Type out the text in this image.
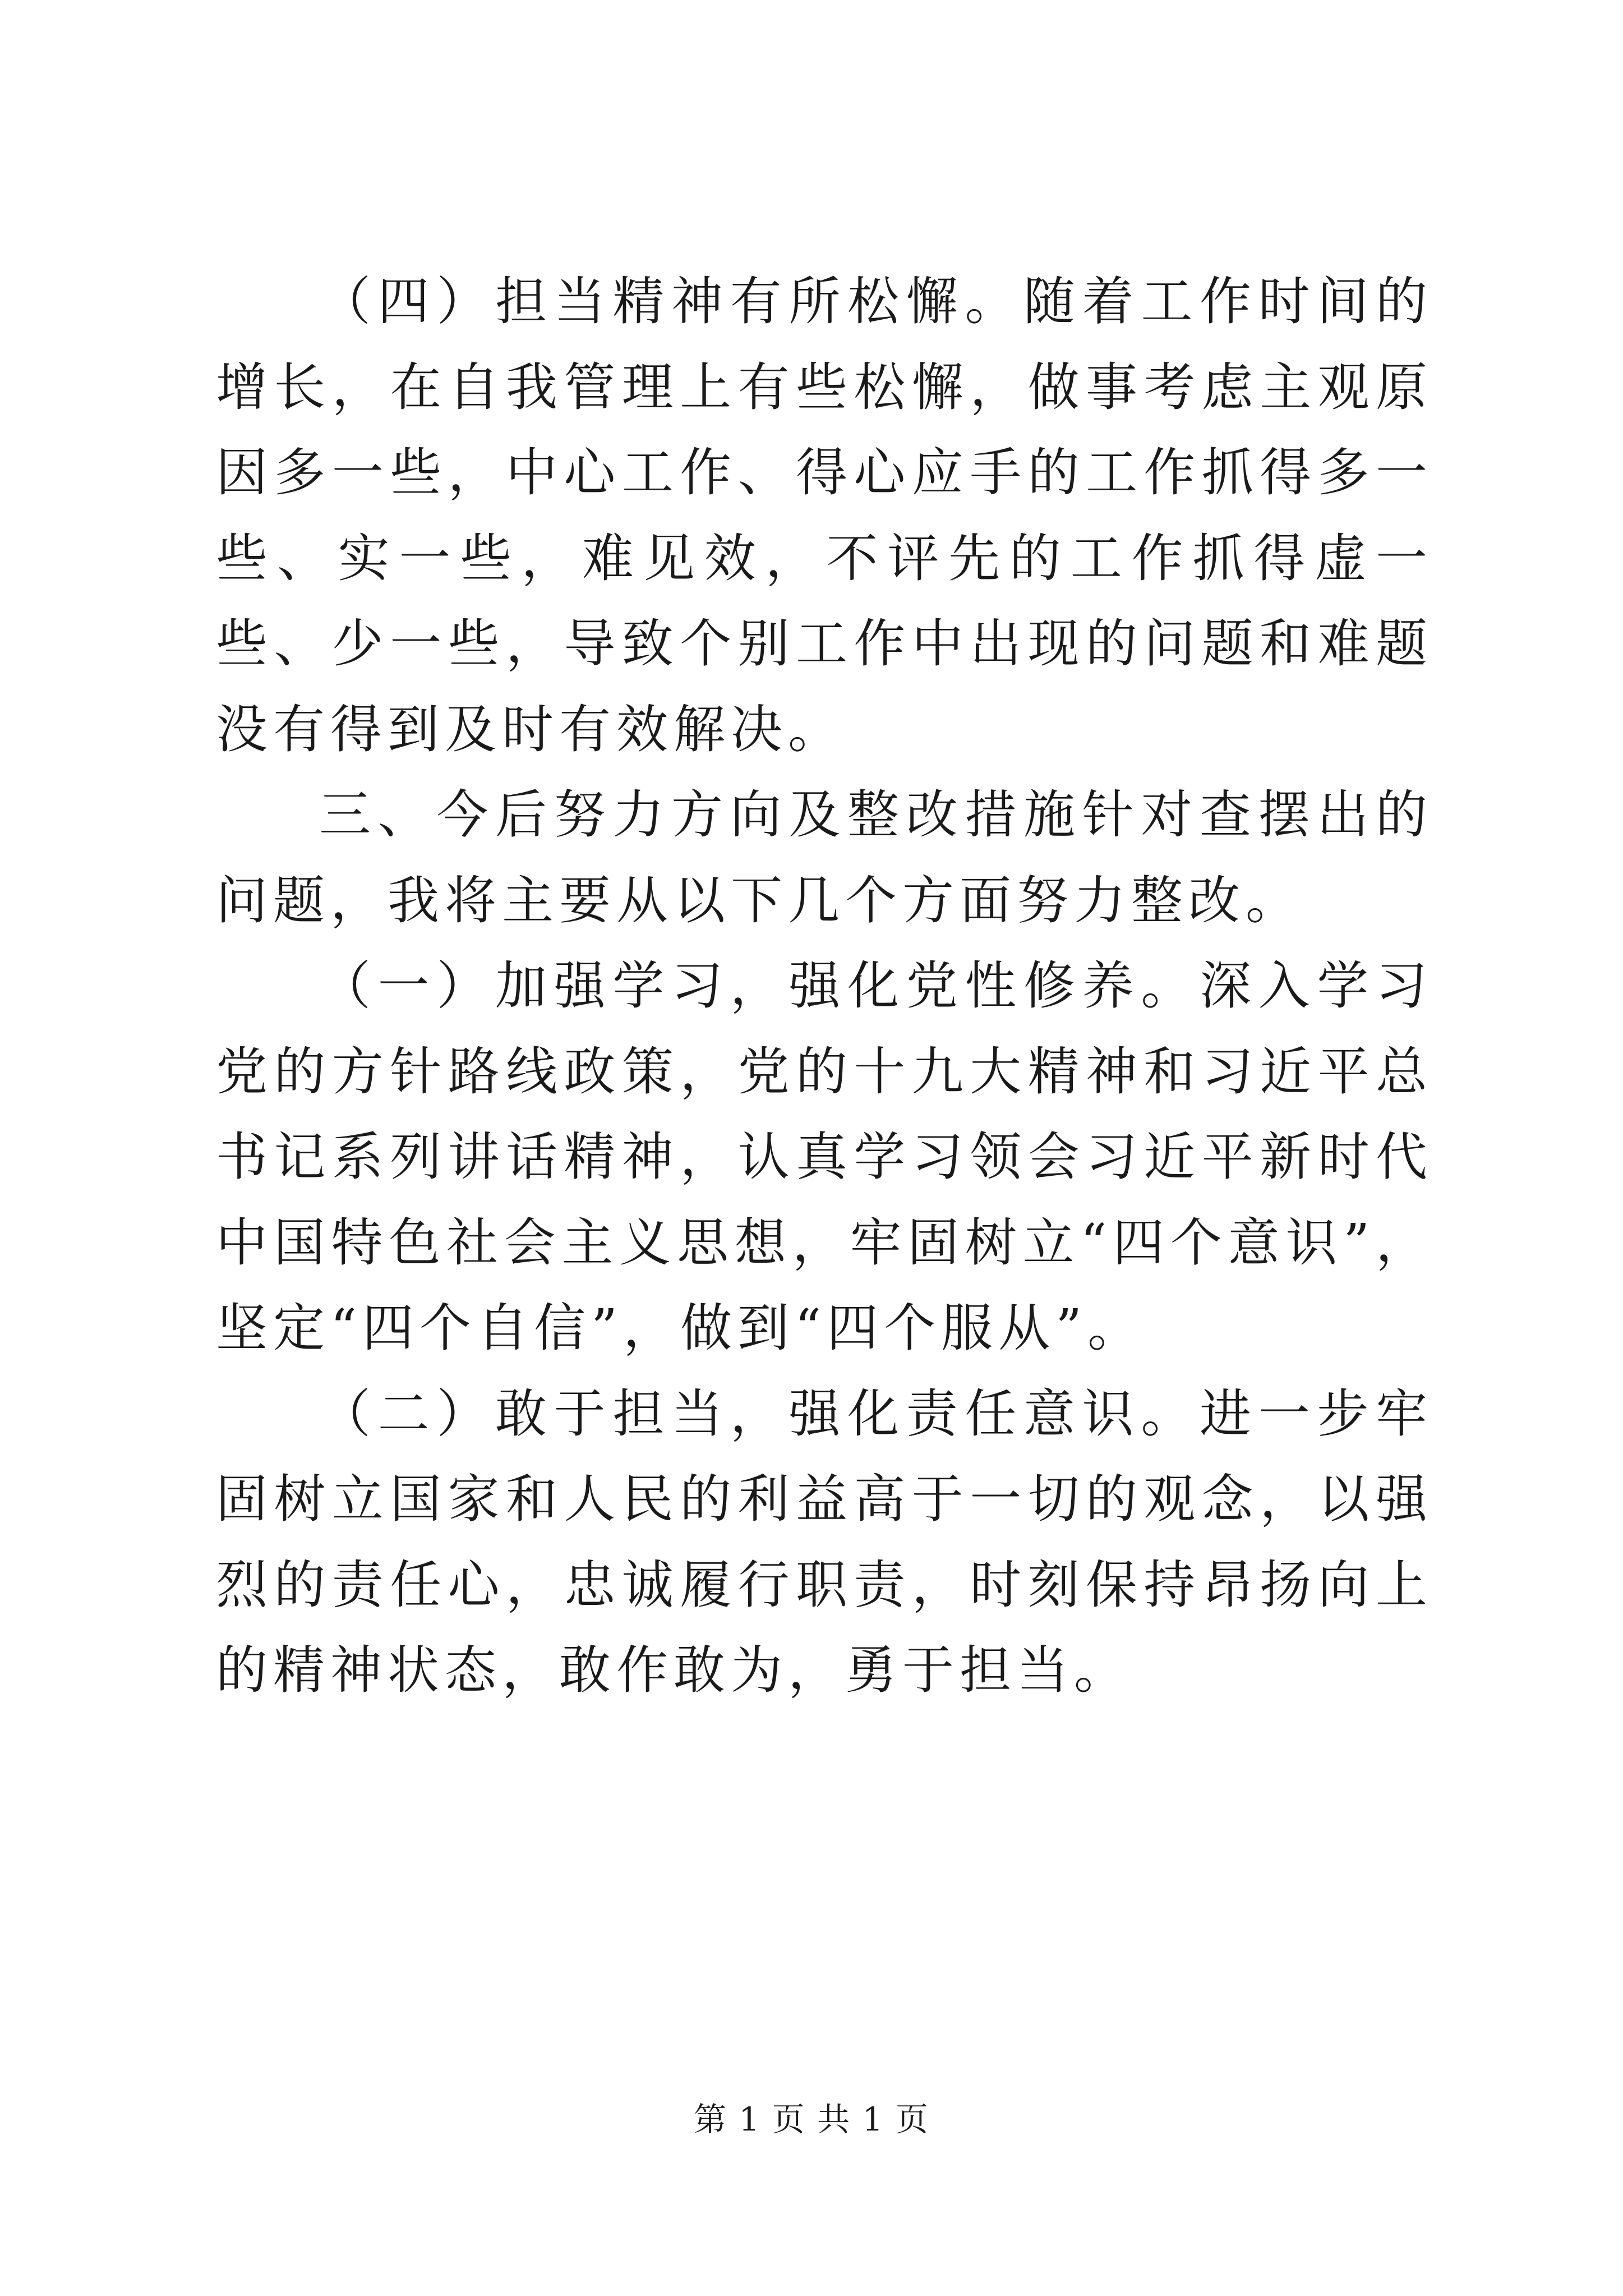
（四）担当精神有所松懈。随着工作时间的增长，在自我管理上有些松懈，做事考虑主观原因多一些，中心工作、得心应手的工作抓得多一些、实一些，难见效，不评先的工作抓得虚一些、少一些，导致个别工作中出现的问题和难题没有得到及时有效解决。

三、今后努力方向及整改措施针对查摆出的问题，我将主要从以下几个方面努力整改。

（一）加强学习，强化党性修养。深入学习党的方针路线政策，党的十九大精神和习近平总书记系列讲话精神，认真学习领会习近平新时代中国特色社会主义思想，牢固树立“四个意识”，坚定“四个自信”，做到“四个服从”。

（二）敢于担当，强化责任意识。进一步牢固树立国家和人民的利益高于一切的观念，以强烈的责任心，忠诚履行职责，时刻保持昂扬向上的精神状态，敢作敢为，勇于担当。

第 1 页 共 1 页
